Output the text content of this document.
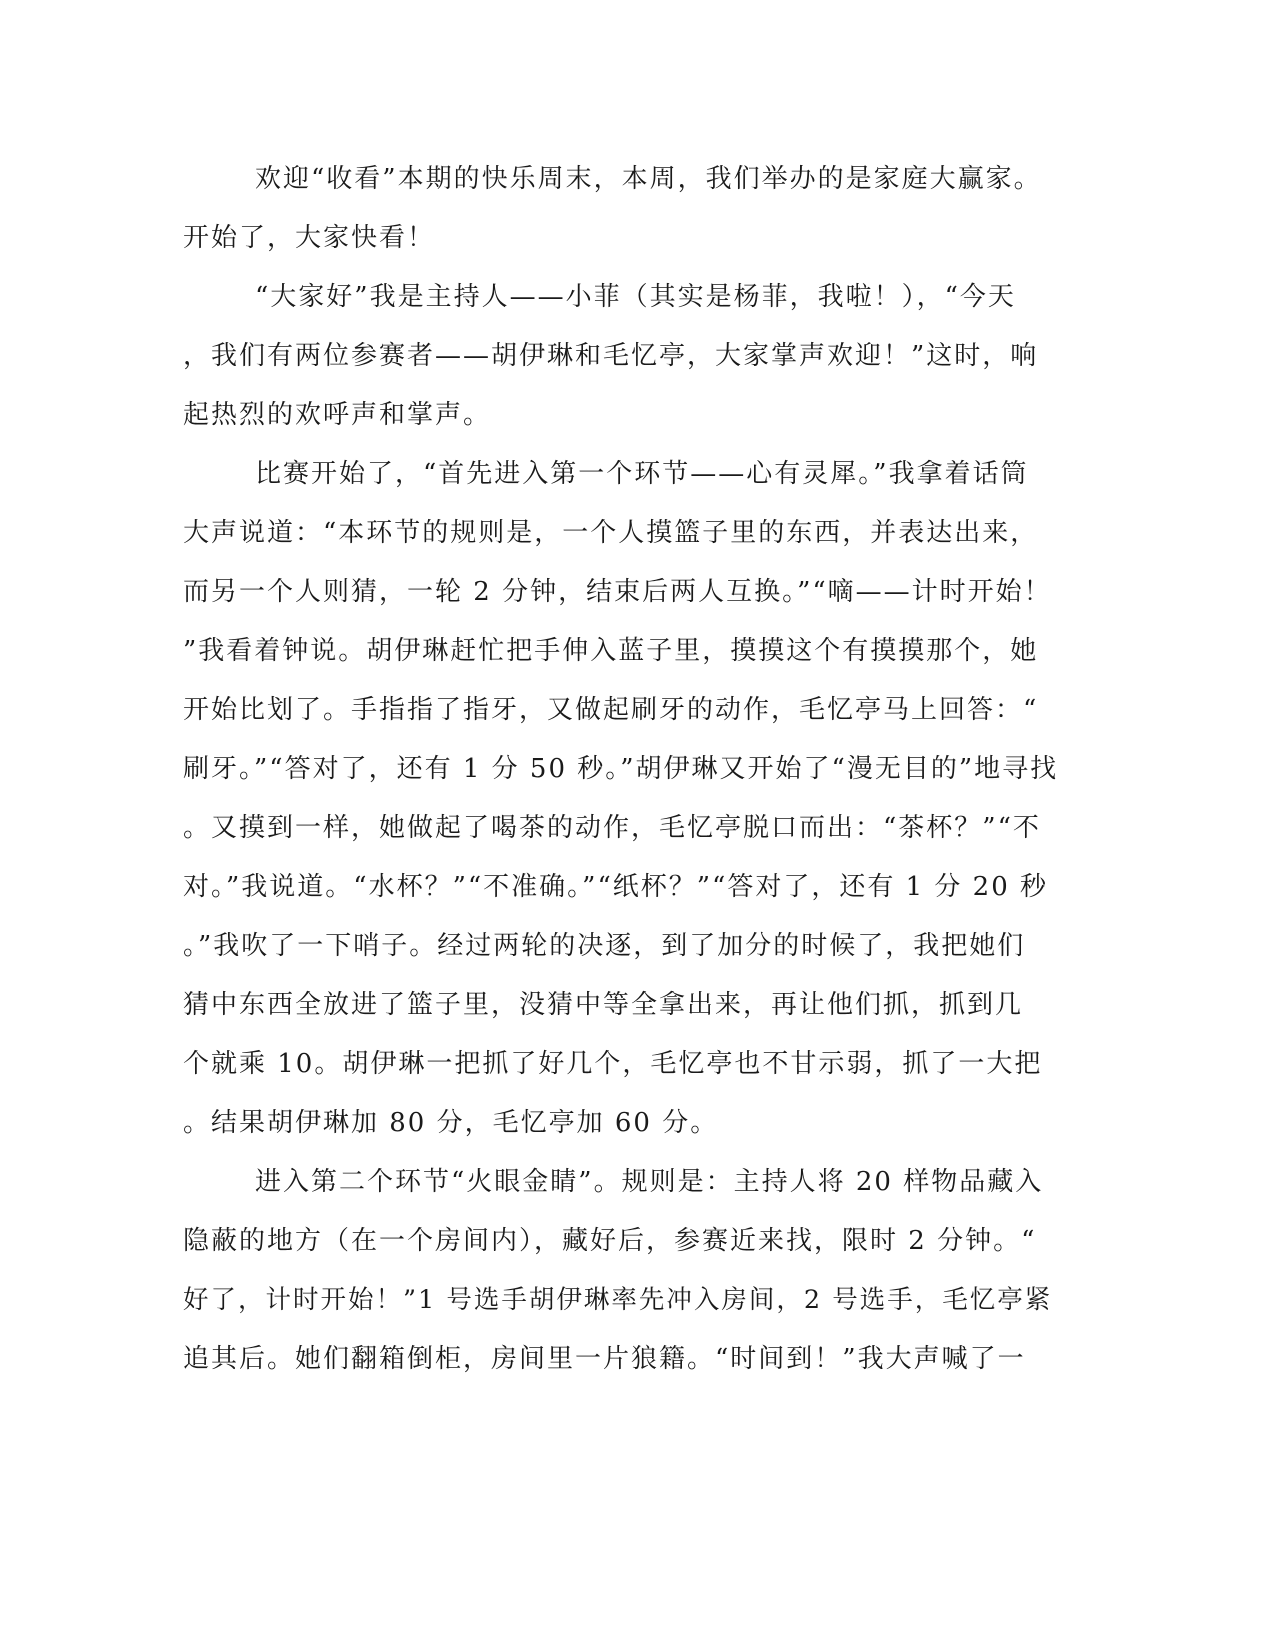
欢迎“收看”本期的快乐周末，本周，我们举办的是家庭大赢家。
开始了，大家快看！
“大家好”我是主持人——小菲（其实是杨菲，我啦！），“今天
，我们有两位参赛者——胡伊琳和毛忆亭，大家掌声欢迎！”这时，响
起热烈的欢呼声和掌声。
比赛开始了，“首先进入第一个环节——心有灵犀。”我拿着话筒
大声说道：“本环节的规则是，一个人摸篮子里的东西，并表达出来，
而另一个人则猜，一轮 2 分钟，结束后两人互换。”“嘀——计时开始！
”我看着钟说。胡伊琳赶忙把手伸入蓝子里，摸摸这个有摸摸那个，她
开始比划了。手指指了指牙，又做起刷牙的动作，毛忆亭马上回答：“
刷牙。”“答对了，还有 1 分 50 秒。”胡伊琳又开始了“漫无目的”地寻找
。又摸到一样，她做起了喝茶的动作，毛忆亭脱口而出：“茶杯？”“不
对。”我说道。“水杯？”“不准确。”“纸杯？”“答对了，还有 1 分 20 秒
。”我吹了一下哨子。经过两轮的决逐，到了加分的时候了，我把她们
猜中东西全放进了篮子里，没猜中等全拿出来，再让他们抓，抓到几
个就乘 10。胡伊琳一把抓了好几个，毛忆亭也不甘示弱，抓了一大把
。结果胡伊琳加 80 分，毛忆亭加 60 分。
进入第二个环节“火眼金睛”。规则是：主持人将 20 样物品藏入
隐蔽的地方（在一个房间内），藏好后，参赛近来找，限时 2 分钟。“
好了，计时开始！”1 号选手胡伊琳率先冲入房间，2 号选手，毛忆亭紧
追其后。她们翻箱倒柜，房间里一片狼籍。“时间到！”我大声喊了一
